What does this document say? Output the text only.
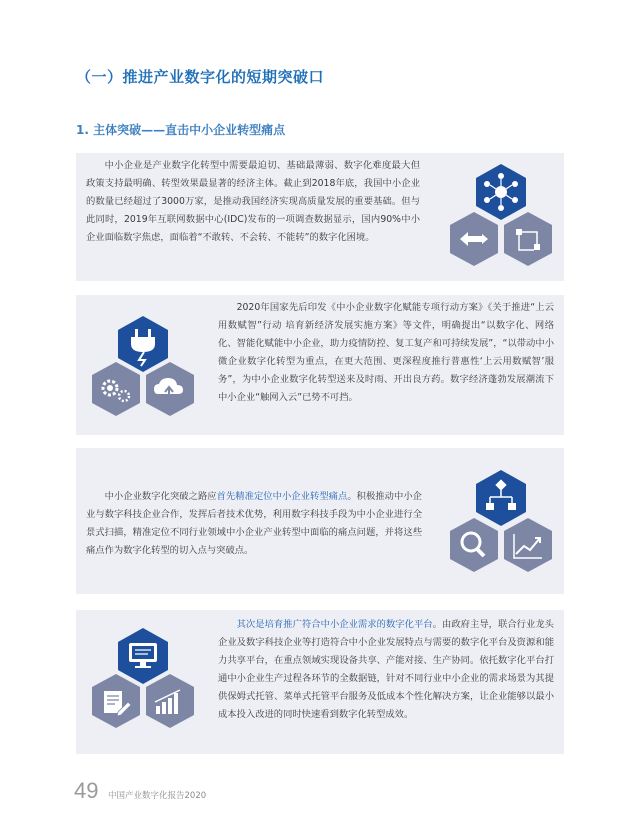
（一）推进产业数字化的短期突破口
1. 主体突破——直击中小企业转型痛点
中小企业是产业数字化转型中需要最迫切、基础最薄弱、数字化难度最大但政策支持最明确、转型效果最显著的经济主体。截止到2018年底，我国中小企业的数量已经超过了3000万家，是推动我国经济实现高质量发展的重要基础。但与此同时，2019年互联网数据中心(IDC)发布的一项调查数据显示，国内90%中小企业面临数字焦虑，面临着“不敢转、不会转、不能转”的数字化困境。
2020年国家先后印发《中小企业数字化赋能专项行动方案》《关于推进“上云用数赋智”行动 培育新经济发展实施方案》等文件，明确提出“以数字化、网络化、智能化赋能中小企业，助力疫情防控、复工复产和可持续发展”，“以带动中小微企业数字化转型为重点，在更大范围、更深程度推行普惠性‘上云用数赋智’服务”，为中小企业数字化转型送来及时雨、开出良方药。数字经济蓬勃发展潮流下中小企业“触网入云”已势不可挡。
中小企业数字化突破之路应首先精准定位中小企业转型痛点。积极推动中小企业与数字科技企业合作，发挥后者技术优势，利用数字科技手段为中小企业进行全景式扫描，精准定位不同行业领域中小企业产业转型中面临的痛点问题，并将这些痛点作为数字化转型的切入点与突破点。
其次是培育推广符合中小企业需求的数字化平台。由政府主导，联合行业龙头企业及数字科技企业等打造符合中小企业发展特点与需要的数字化平台及资源和能力共享平台，在重点领域实现设备共享、产能对接、生产协同。依托数字化平台打通中小企业生产过程各环节的全数据链，针对不同行业中小企业的需求场景为其提供保姆式托管、菜单式托管平台服务及低成本个性化解决方案，让企业能够以最小成本投入改进的同时快速看到数字化转型成效。
49 中国产业数字化报告2020
